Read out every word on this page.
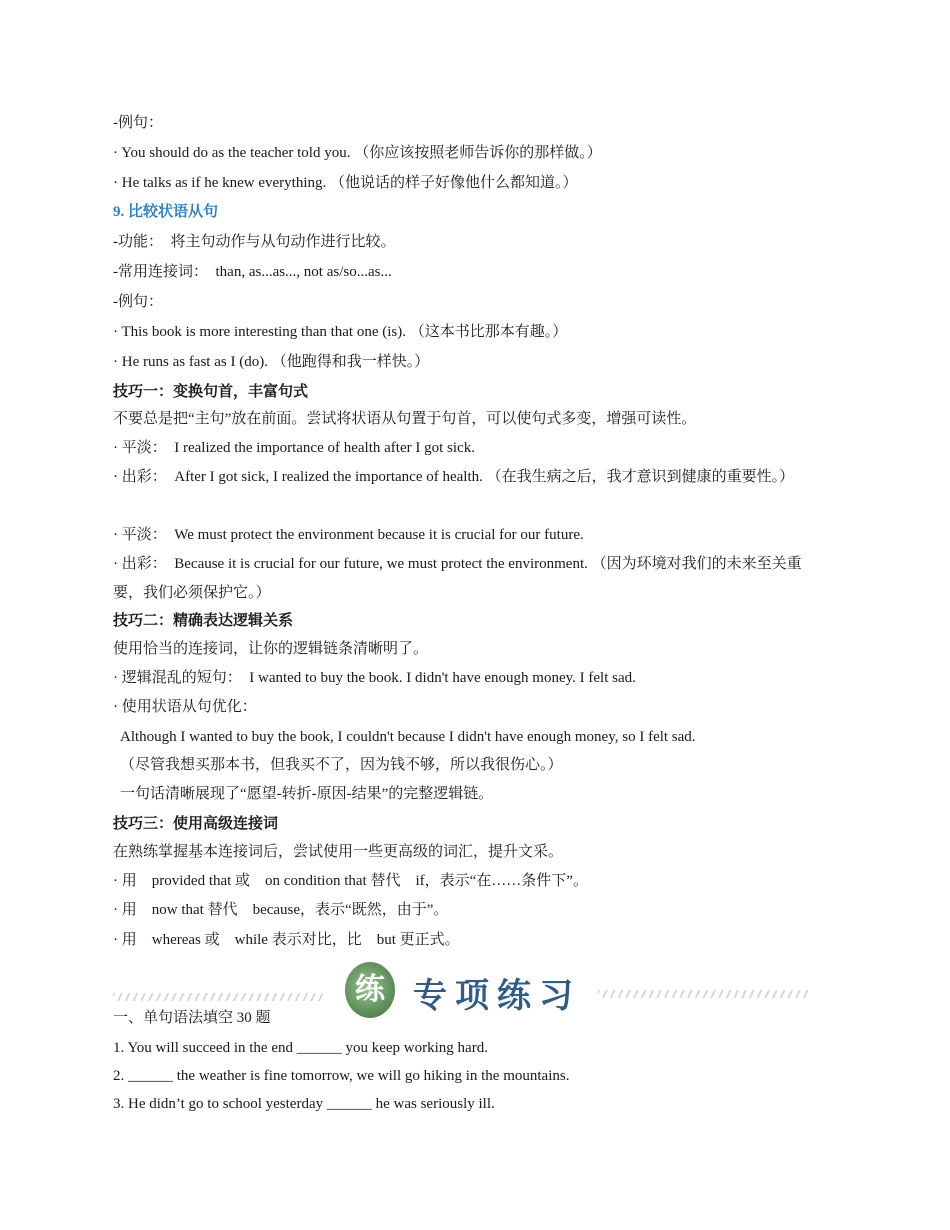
-例句：
· You should do as the teacher told you. （你应该按照老师告诉你的那样做。）
· He talks as if he knew everything. （他说话的样子好像他什么都知道。）
9. 比较状语从句
-功能：　将主句动作与从句动作进行比较。
-常用连接词：　than, as...as..., not as/so...as...
-例句：
· This book is more interesting than that one (is). （这本书比那本有趣。）
· He runs as fast as I (do). （他跑得和我一样快。）
技巧一：变换句首，丰富句式
不要总是把“主句”放在前面。尝试将状语从句置于句首，可以使句式多变，增强可读性。
· 平淡：　I realized the importance of health after I got sick.
· 出彩：　After I got sick, I realized the importance of health. （在我生病之后，我才意识到健康的重要性。）
· 平淡：　We must protect the environment because it is crucial for our future.
· 出彩：　Because it is crucial for our future, we must protect the environment. （因为环境对我们的未来至关重要，我们必须保护它。）
技巧二：精确表达逻辑关系
使用恰当的连接词，让你的逻辑链条清晰明了。
· 逻辑混乱的短句：　I wanted to buy the book. I didn't have enough money. I felt sad.
· 使用状语从句优化：
Although I wanted to buy the book, I couldn't because I didn't have enough money, so I felt sad.
（尽管我想买那本书，但我买不了，因为钱不够，所以我很伤心。）
一句话清晰展现了“愿望-转折-原因-结果”的完整逻辑链。
技巧三：使用高级连接词
在熟练掌握基本连接词后，尝试使用一些更高级的词汇，提升文采。
· 用　provided that 或　on condition that 替代　if，表示“在……条件下”。
· 用　now that 替代　because，表示“既然，由于”。
· 用　whereas 或　while 表示对比，比　but 更正式。
练 专项练习
一、单句语法填空 30 题
1. You will succeed in the end ______ you keep working hard.
2. ______ the weather is fine tomorrow, we will go hiking in the mountains.
3. He didn’t go to school yesterday ______ he was seriously ill.
